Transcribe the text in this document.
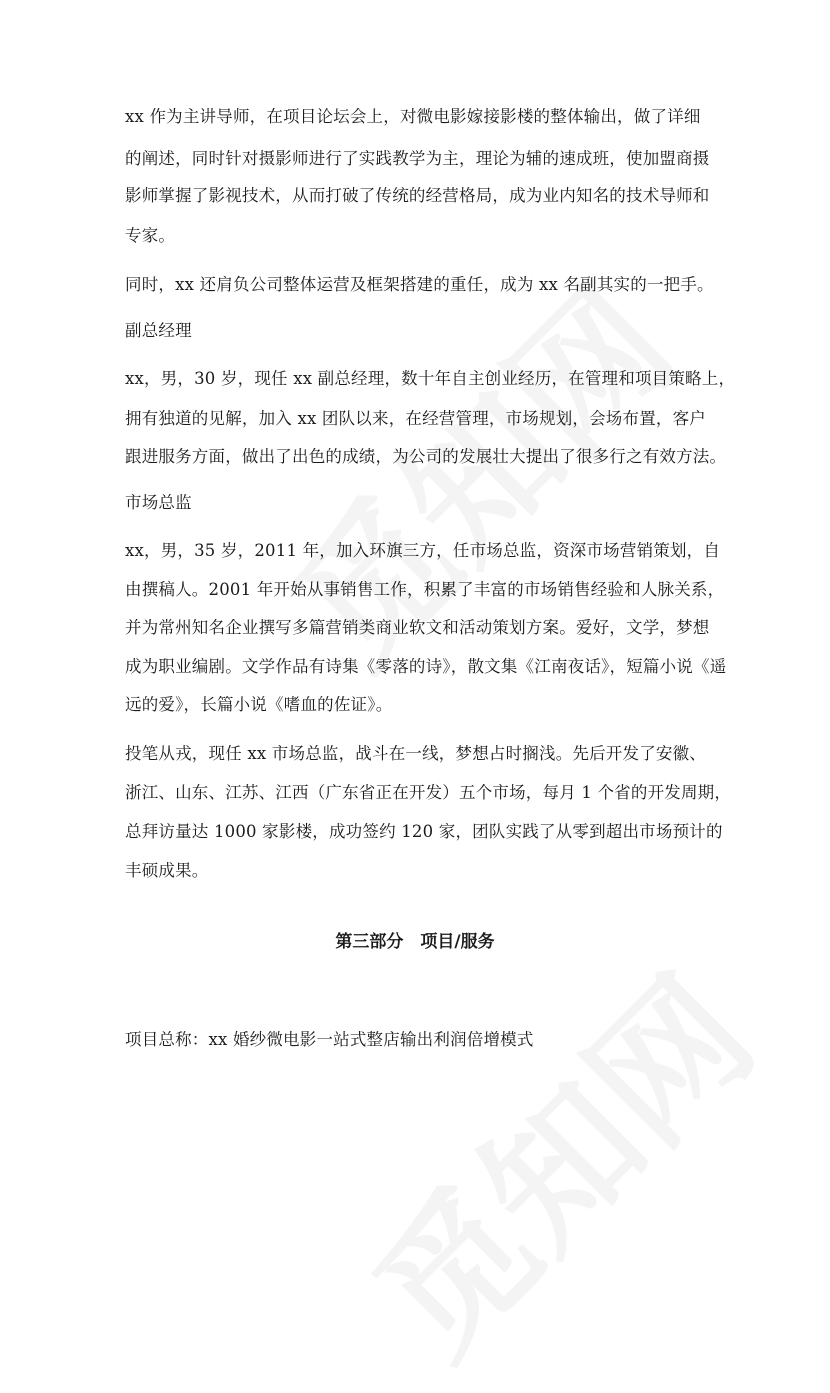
xx 作为主讲导师，在项目论坛会上，对微电影嫁接影楼的整体输出，做了详细
的阐述，同时针对摄影师进行了实践教学为主，理论为辅的速成班，使加盟商摄
影师掌握了影视技术，从而打破了传统的经营格局，成为业内知名的技术导师和
专家。
同时，xx 还肩负公司整体运营及框架搭建的重任，成为 xx 名副其实的一把手。
副总经理
xx，男，30 岁，现任 xx 副总经理，数十年自主创业经历，在管理和项目策略上，
拥有独道的见解，加入 xx 团队以来，在经营管理，市场规划，会场布置，客户
跟进服务方面，做出了出色的成绩，为公司的发展壮大提出了很多行之有效方法。
市场总监
xx，男，35 岁，2011 年，加入环旗三方，任市场总监，资深市场营销策划，自
由撰稿人。2001 年开始从事销售工作，积累了丰富的市场销售经验和人脉关系，
并为常州知名企业撰写多篇营销类商业软文和活动策划方案。爱好，文学，梦想
成为职业编剧。文学作品有诗集《零落的诗》，散文集《江南夜话》，短篇小说《遥
远的爱》，长篇小说《嗜血的佐证》。
投笔从戎，现任 xx 市场总监，战斗在一线，梦想占时搁浅。先后开发了安徽、
浙江、山东、江苏、江西（广东省正在开发）五个市场，每月 1 个省的开发周期，
总拜访量达 1000 家影楼，成功签约 120 家，团队实践了从零到超出市场预计的
丰硕成果。
第三部分　项目/服务
项目总称：xx 婚纱微电影一站式整店输出利润倍增模式
